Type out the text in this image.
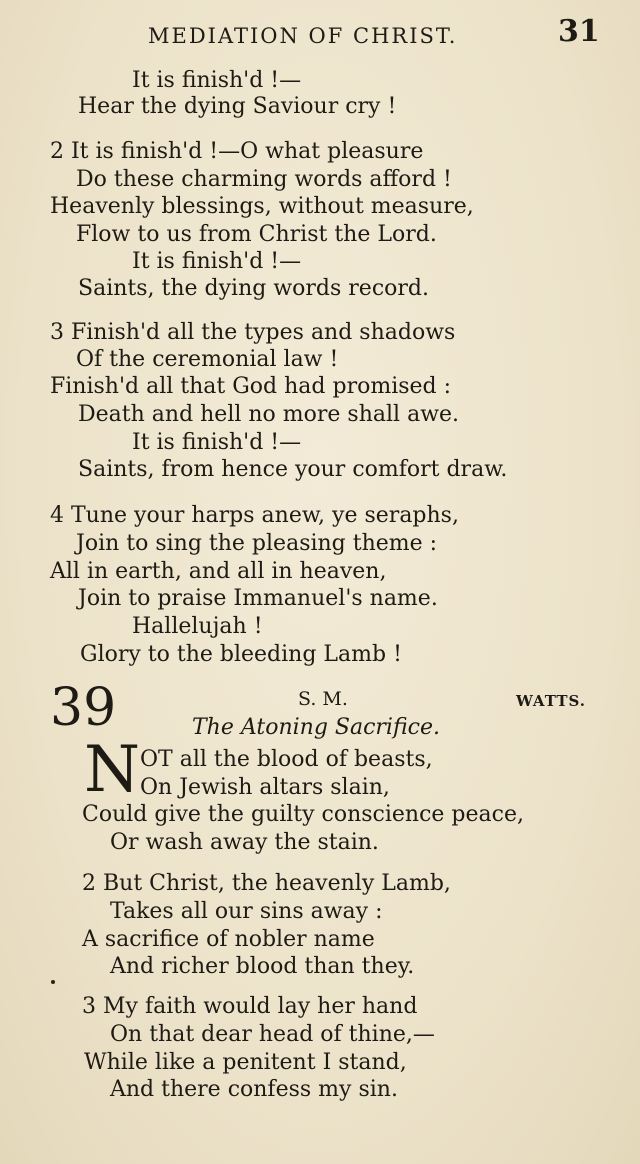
MEDIATION OF CHRIST.	31
It is finish'd !—
Hear the dying Saviour cry !
2 It is finish'd !—O what pleasure
Do these charming words afford !
Heavenly blessings, without measure,
Flow to us from Christ the Lord.
It is finish'd !—
Saints, the dying words record.
3 Finish'd all the types and shadows
Of the ceremonial law !
Finish'd all that God had promised :
Death and hell no more shall awe.
It is finish'd !—
Saints, from hence your comfort draw.
4 Tune your harps anew, ye seraphs,
Join to sing the pleasing theme :
All in earth, and all in heaven,
Join to praise Immanuel's name.
Hallelujah !
Glory to the bleeding Lamb !
39	S. M.	WATTS.
The Atoning Sacrifice.
N OT all the blood of beasts,
On Jewish altars slain,
Could give the guilty conscience peace,
Or wash away the stain.
2 But Christ, the heavenly Lamb,
Takes all our sins away :
A sacrifice of nobler name
And richer blood than they.
3 My faith would lay her hand
On that dear head of thine,—
While like a penitent I stand,
And there confess my sin.
